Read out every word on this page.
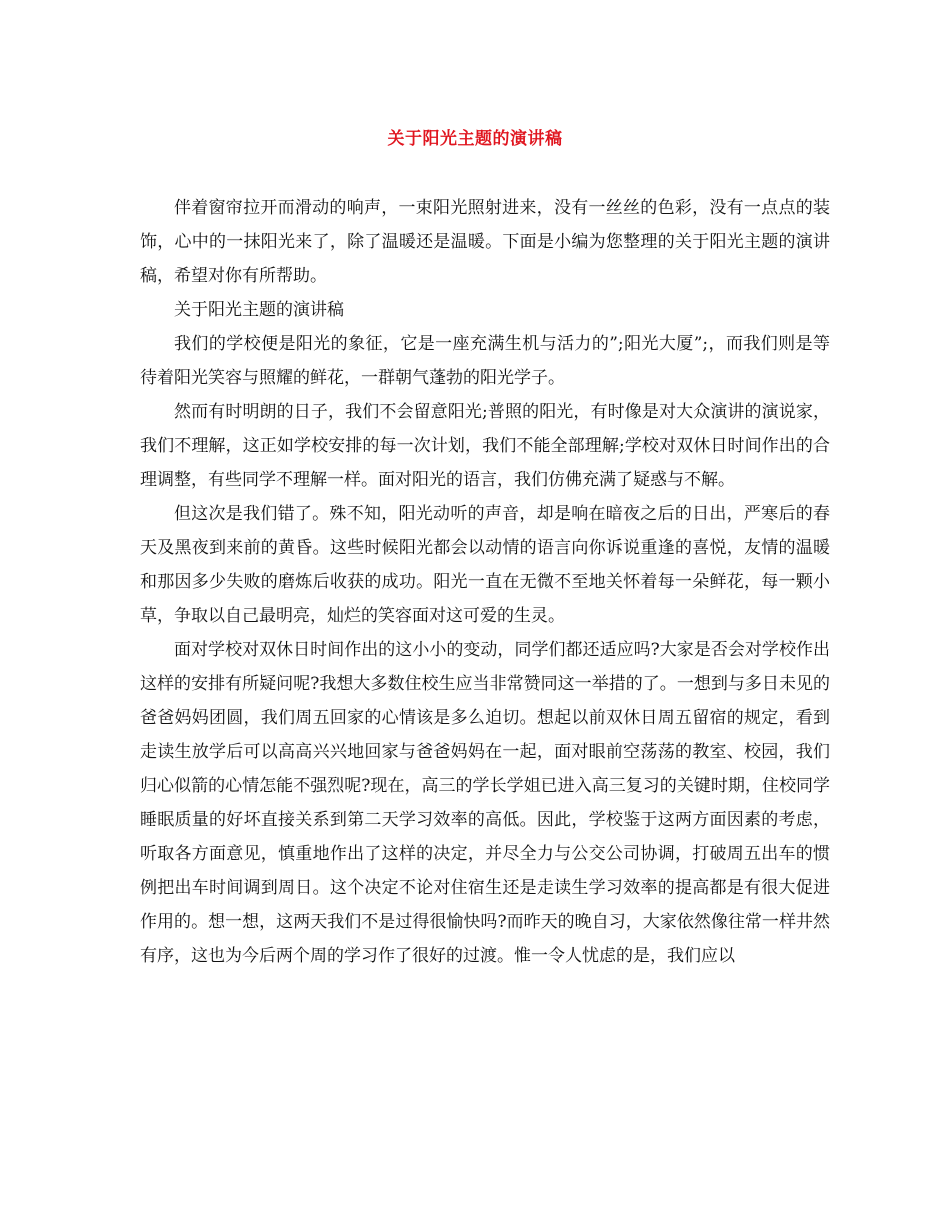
关于阳光主题的演讲稿

伴着窗帘拉开而滑动的响声，一束阳光照射进来，没有一丝丝的色彩，没有一点点的装饰，心中的一抹阳光来了，除了温暖还是温暖。下面是小编为您整理的关于阳光主题的演讲稿，希望对你有所帮助。

关于阳光主题的演讲稿

我们的学校便是阳光的象征，它是一座充满生机与活力的”;阳光大厦”;，而我们则是等待着阳光笑容与照耀的鲜花，一群朝气蓬勃的阳光学子。

然而有时明朗的日子，我们不会留意阳光;普照的阳光，有时像是对大众演讲的演说家，我们不理解，这正如学校安排的每一次计划，我们不能全部理解;学校对双休日时间作出的合理调整，有些同学不理解一样。面对阳光的语言，我们仿佛充满了疑惑与不解。

但这次是我们错了。殊不知，阳光动听的声音，却是响在暗夜之后的日出，严寒后的春天及黑夜到来前的黄昏。这些时候阳光都会以动情的语言向你诉说重逢的喜悦，友情的温暖和那因多少失败的磨炼后收获的成功。阳光一直在无微不至地关怀着每一朵鲜花，每一颗小草，争取以自己最明亮，灿烂的笑容面对这可爱的生灵。

面对学校对双休日时间作出的这小小的变动，同学们都还适应吗?大家是否会对学校作出这样的安排有所疑问呢?我想大多数住校生应当非常赞同这一举措的了。一想到与多日未见的爸爸妈妈团圆，我们周五回家的心情该是多么迫切。想起以前双休日周五留宿的规定，看到走读生放学后可以高高兴兴地回家与爸爸妈妈在一起，面对眼前空荡荡的教室、校园，我们归心似箭的心情怎能不强烈呢?现在，高三的学长学姐已进入高三复习的关键时期，住校同学睡眠质量的好坏直接关系到第二天学习效率的高低。因此，学校鉴于这两方面因素的考虑，听取各方面意见，慎重地作出了这样的决定，并尽全力与公交公司协调，打破周五出车的惯例把出车时间调到周日。这个决定不论对住宿生还是走读生学习效率的提高都是有很大促进作用的。想一想，这两天我们不是过得很愉快吗?而昨天的晚自习，大家依然像往常一样井然有序，这也为今后两个周的学习作了很好的过渡。惟一令人忧虑的是，我们应以
